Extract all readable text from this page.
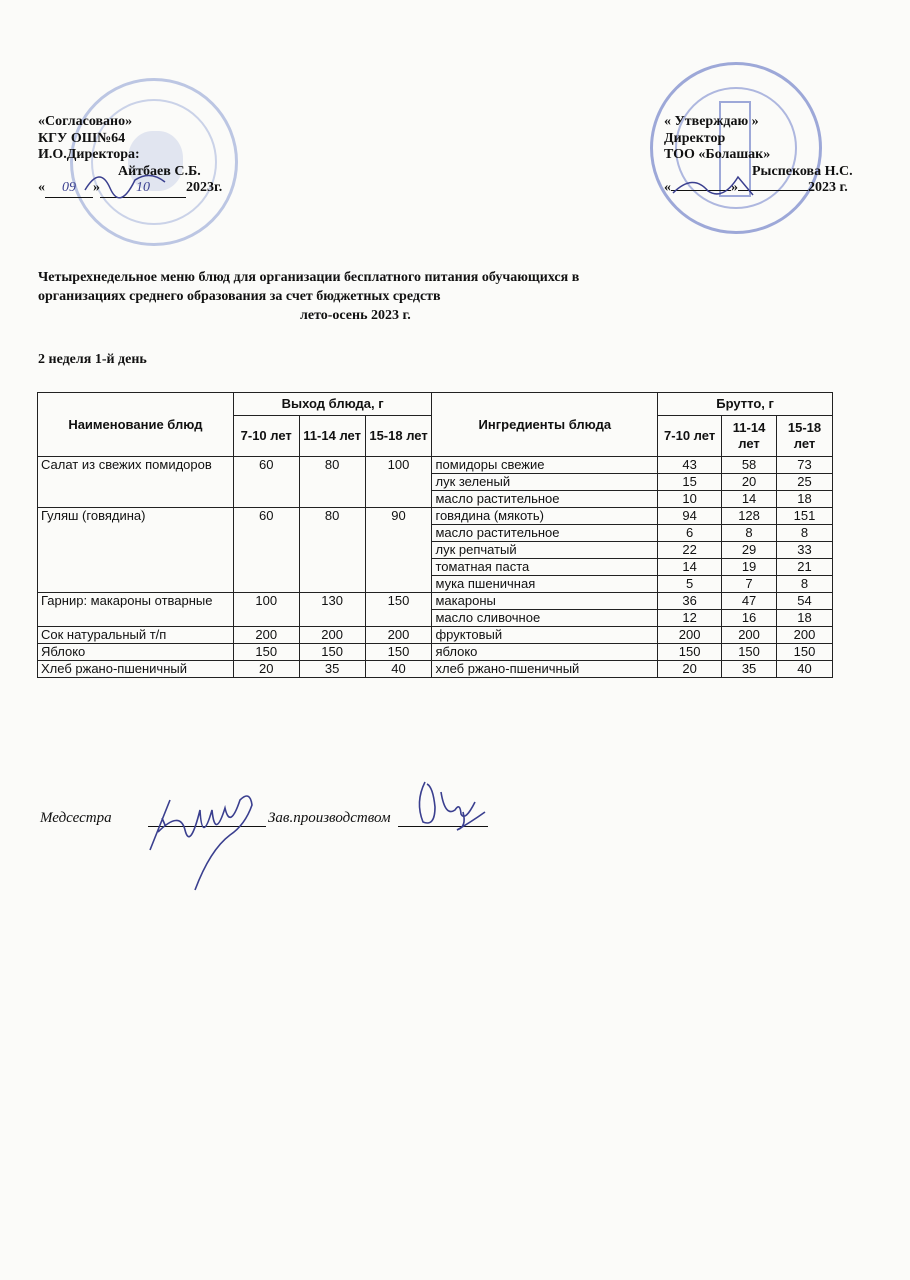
«Согласовано»
КГУ ОШ№64
И.О.Директора:
Айтбаев С.Б.
« 09 »	10	2023г.
« Утверждаю »
Директор
ТОО «Болашак»
Рыспекова Н.С.
«	»	2023 г.
Четырехнедельное меню блюд для организации бесплатного питания обучающихся в
организациях среднего образования за счет бюджетных средств
лето-осень 2023 г.
2 неделя 1-й день
Наименование блюд	Выход блюда, г			Ингредиенты блюда	Брутто, г		
	7-10 лет	11-14 лет	15-18 лет		7-10 лет	11-14 лет	15-18 лет
Салат из свежих помидоров	60	80	100	помидоры свежие	43	58	73
				лук зеленый	15	20	25
				масло растительное	10	14	18
Гуляш (говядина)	60	80	90	говядина (мякоть)	94	128	151
				масло растительное	6	8	8
				лук репчатый	22	29	33
				томатная паста	14	19	21
				мука пшеничная	5	7	8
Гарнир: макароны отварные	100	130	150	макароны	36	47	54
				масло сливочное	12	16	18
Сок натуральный т/п	200	200	200	фруктовый	200	200	200
Яблоко	150	150	150	яблоко	150	150	150
Хлеб ржано-пшеничный	20	35	40	хлеб ржано-пшеничный	20	35	40
Медсестра	Зав.производством
